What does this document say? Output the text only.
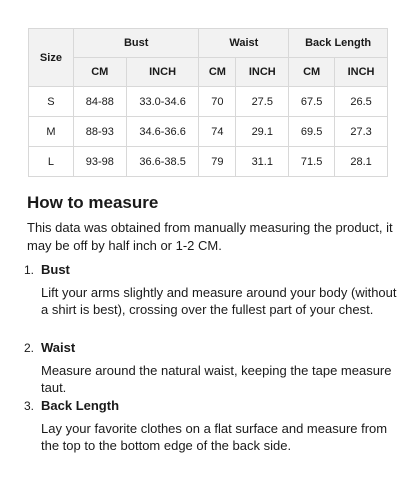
Size	Bust		Waist		Back Length	
	CM	INCH	CM	INCH	CM	INCH
S	84-88	33.0-34.6	70	27.5	67.5	26.5
M	88-93	34.6-36.6	74	29.1	69.5	27.3
L	93-98	36.6-38.5	79	31.1	71.5	28.1
How to measure

This data was obtained from manually measuring the product, it may be off by half inch or 1-2 CM.

1. Bust
Lift your arms slightly and measure around your body (without a shirt is best), crossing over the fullest part of your chest.
2. Waist
Measure around the natural waist, keeping the tape measure taut.
3. Back Length
Lay your favorite clothes on a flat surface and measure from the top to the bottom edge of the back side.
